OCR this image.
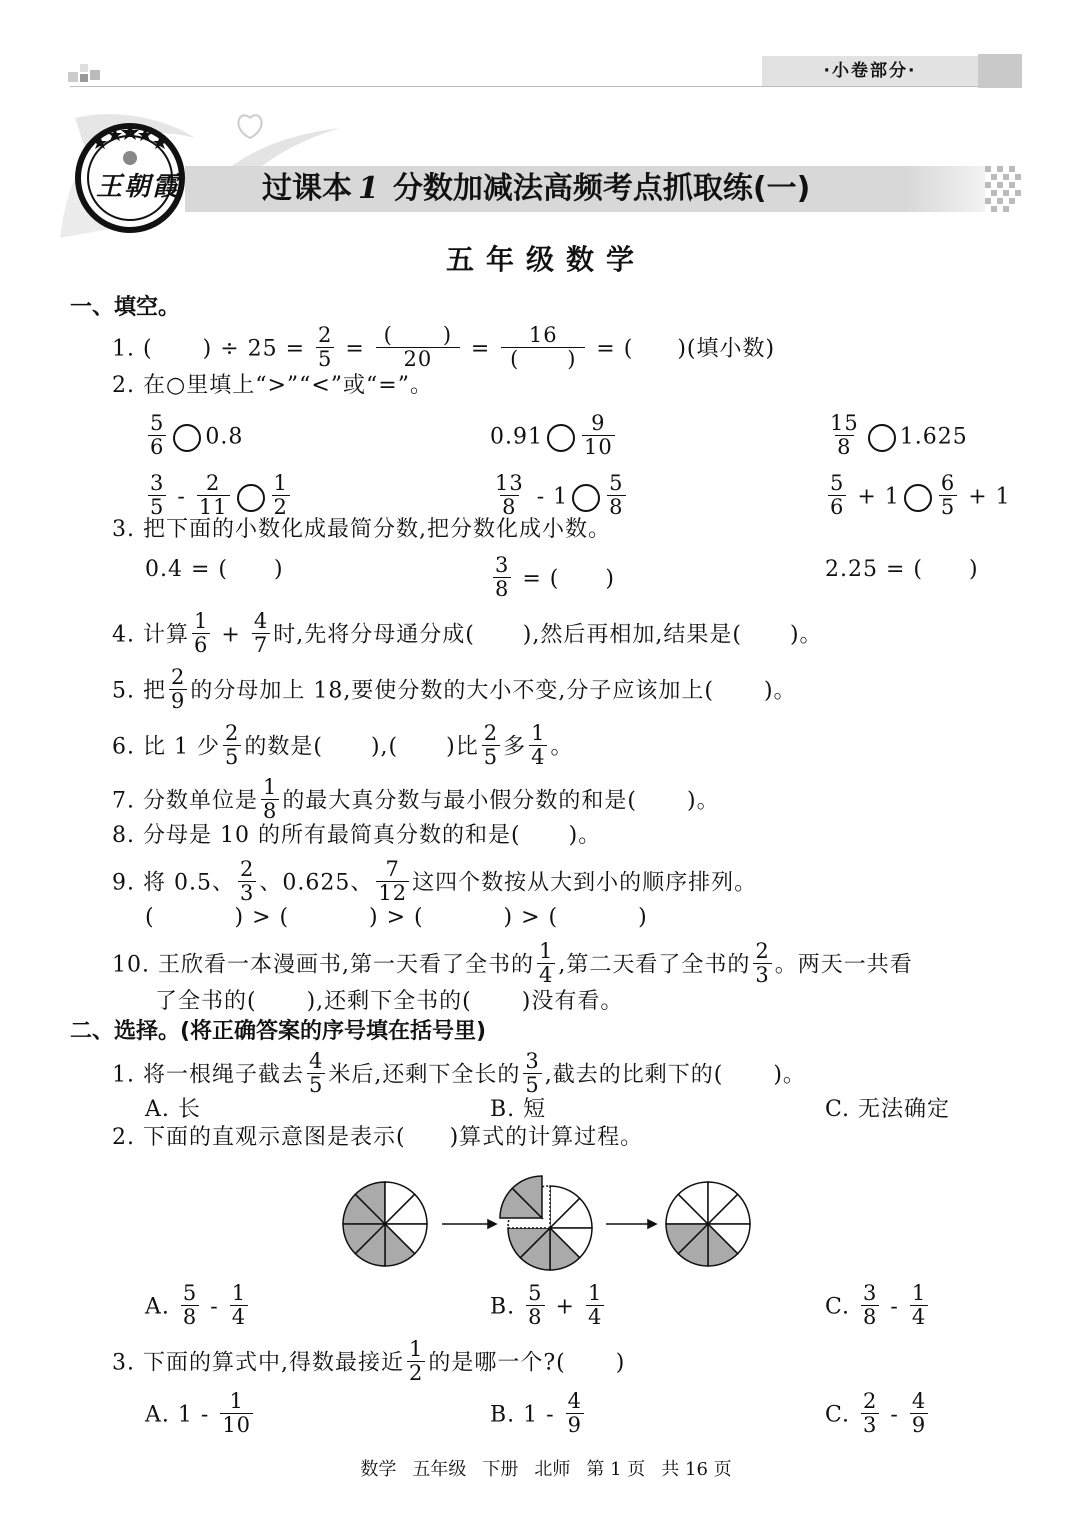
·小卷部分·
王朝霞	过课本 1 分数加减法高频考点抓取练(一)
五年级数学
一、填空。
1. ( ) ÷ $25 = \frac{2}{5} = \frac{( )}{20} = \frac{16}{( )}$ = ( )(填小数)
2. 在○里填上“>”“<”或“=”。
$\frac{5}{6} 0.8$	$0.91 \frac{9}{10}$	$\frac{15}{8} 1.625$
$\frac{3}{5} - \frac{2}{11} \frac{1}{2}$	$\frac{13}{8} - 1 \frac{5}{8}$	$\frac{5}{6} + 1 \frac{6}{5} + 1$
3. 把下面的小数化成最简分数,把分数化成小数。
0.4 = ( )	$\frac{3}{8}$ = ( )	2.25 = ( )
4. 计算 $\frac{1}{6} + \frac{4}{7}$ 时,先将分母通分成( ),然后再相加,结果是( )。
5. 把 $\frac{2}{9}$ 的分母加上 18,要使分数的大小不变,分子应该加上( )。
6. 比 1 少 $\frac{2}{5}$ 的数是( ),( )比 $\frac{2}{5}$ 多 $\frac{1}{4}$ 。
7. 分数单位是 $\frac{1}{8}$ 的最大真分数与最小假分数的和是( )。
8. 分母是 10 的所有最简真分数的和是( )。
9. 将 0.5、 $\frac{2}{3}$ 、0.625、 $\frac{7}{12}$ 这四个数按从大到小的顺序排列。
(          ) > (          ) > (          ) > (          )
10. 王欣看一本漫画书,第一天看了全书的 $\frac{1}{4}$ ,第二天看了全书的 $\frac{2}{3}$ 。两天一共看
了全书的( ),还剩下全书的( )没有看。
二、选择。(将正确答案的序号填在括号里)
1. 将一根绳子截去 $\frac{4}{5}$ 米后,还剩下全长的 $\frac{3}{5}$ ,截去的比剩下的( )。
A. 长	B. 短	C. 无法确定
2. 下面的直观示意图是表示( )算式的计算过程。
A. $\frac{5}{8} - \frac{1}{4}$	B. $\frac{5}{8} + \frac{1}{4}$	C. $\frac{3}{8} - \frac{1}{4}$
3. 下面的算式中,得数最接近 $\frac{1}{2}$ 的是哪一个?( )
A. $1 - \frac{1}{10}$	B. $1 - \frac{4}{9}$	C. $\frac{2}{3} - \frac{4}{9}$
数学 五年级 下册 北师 第 1 页 共 16 页
